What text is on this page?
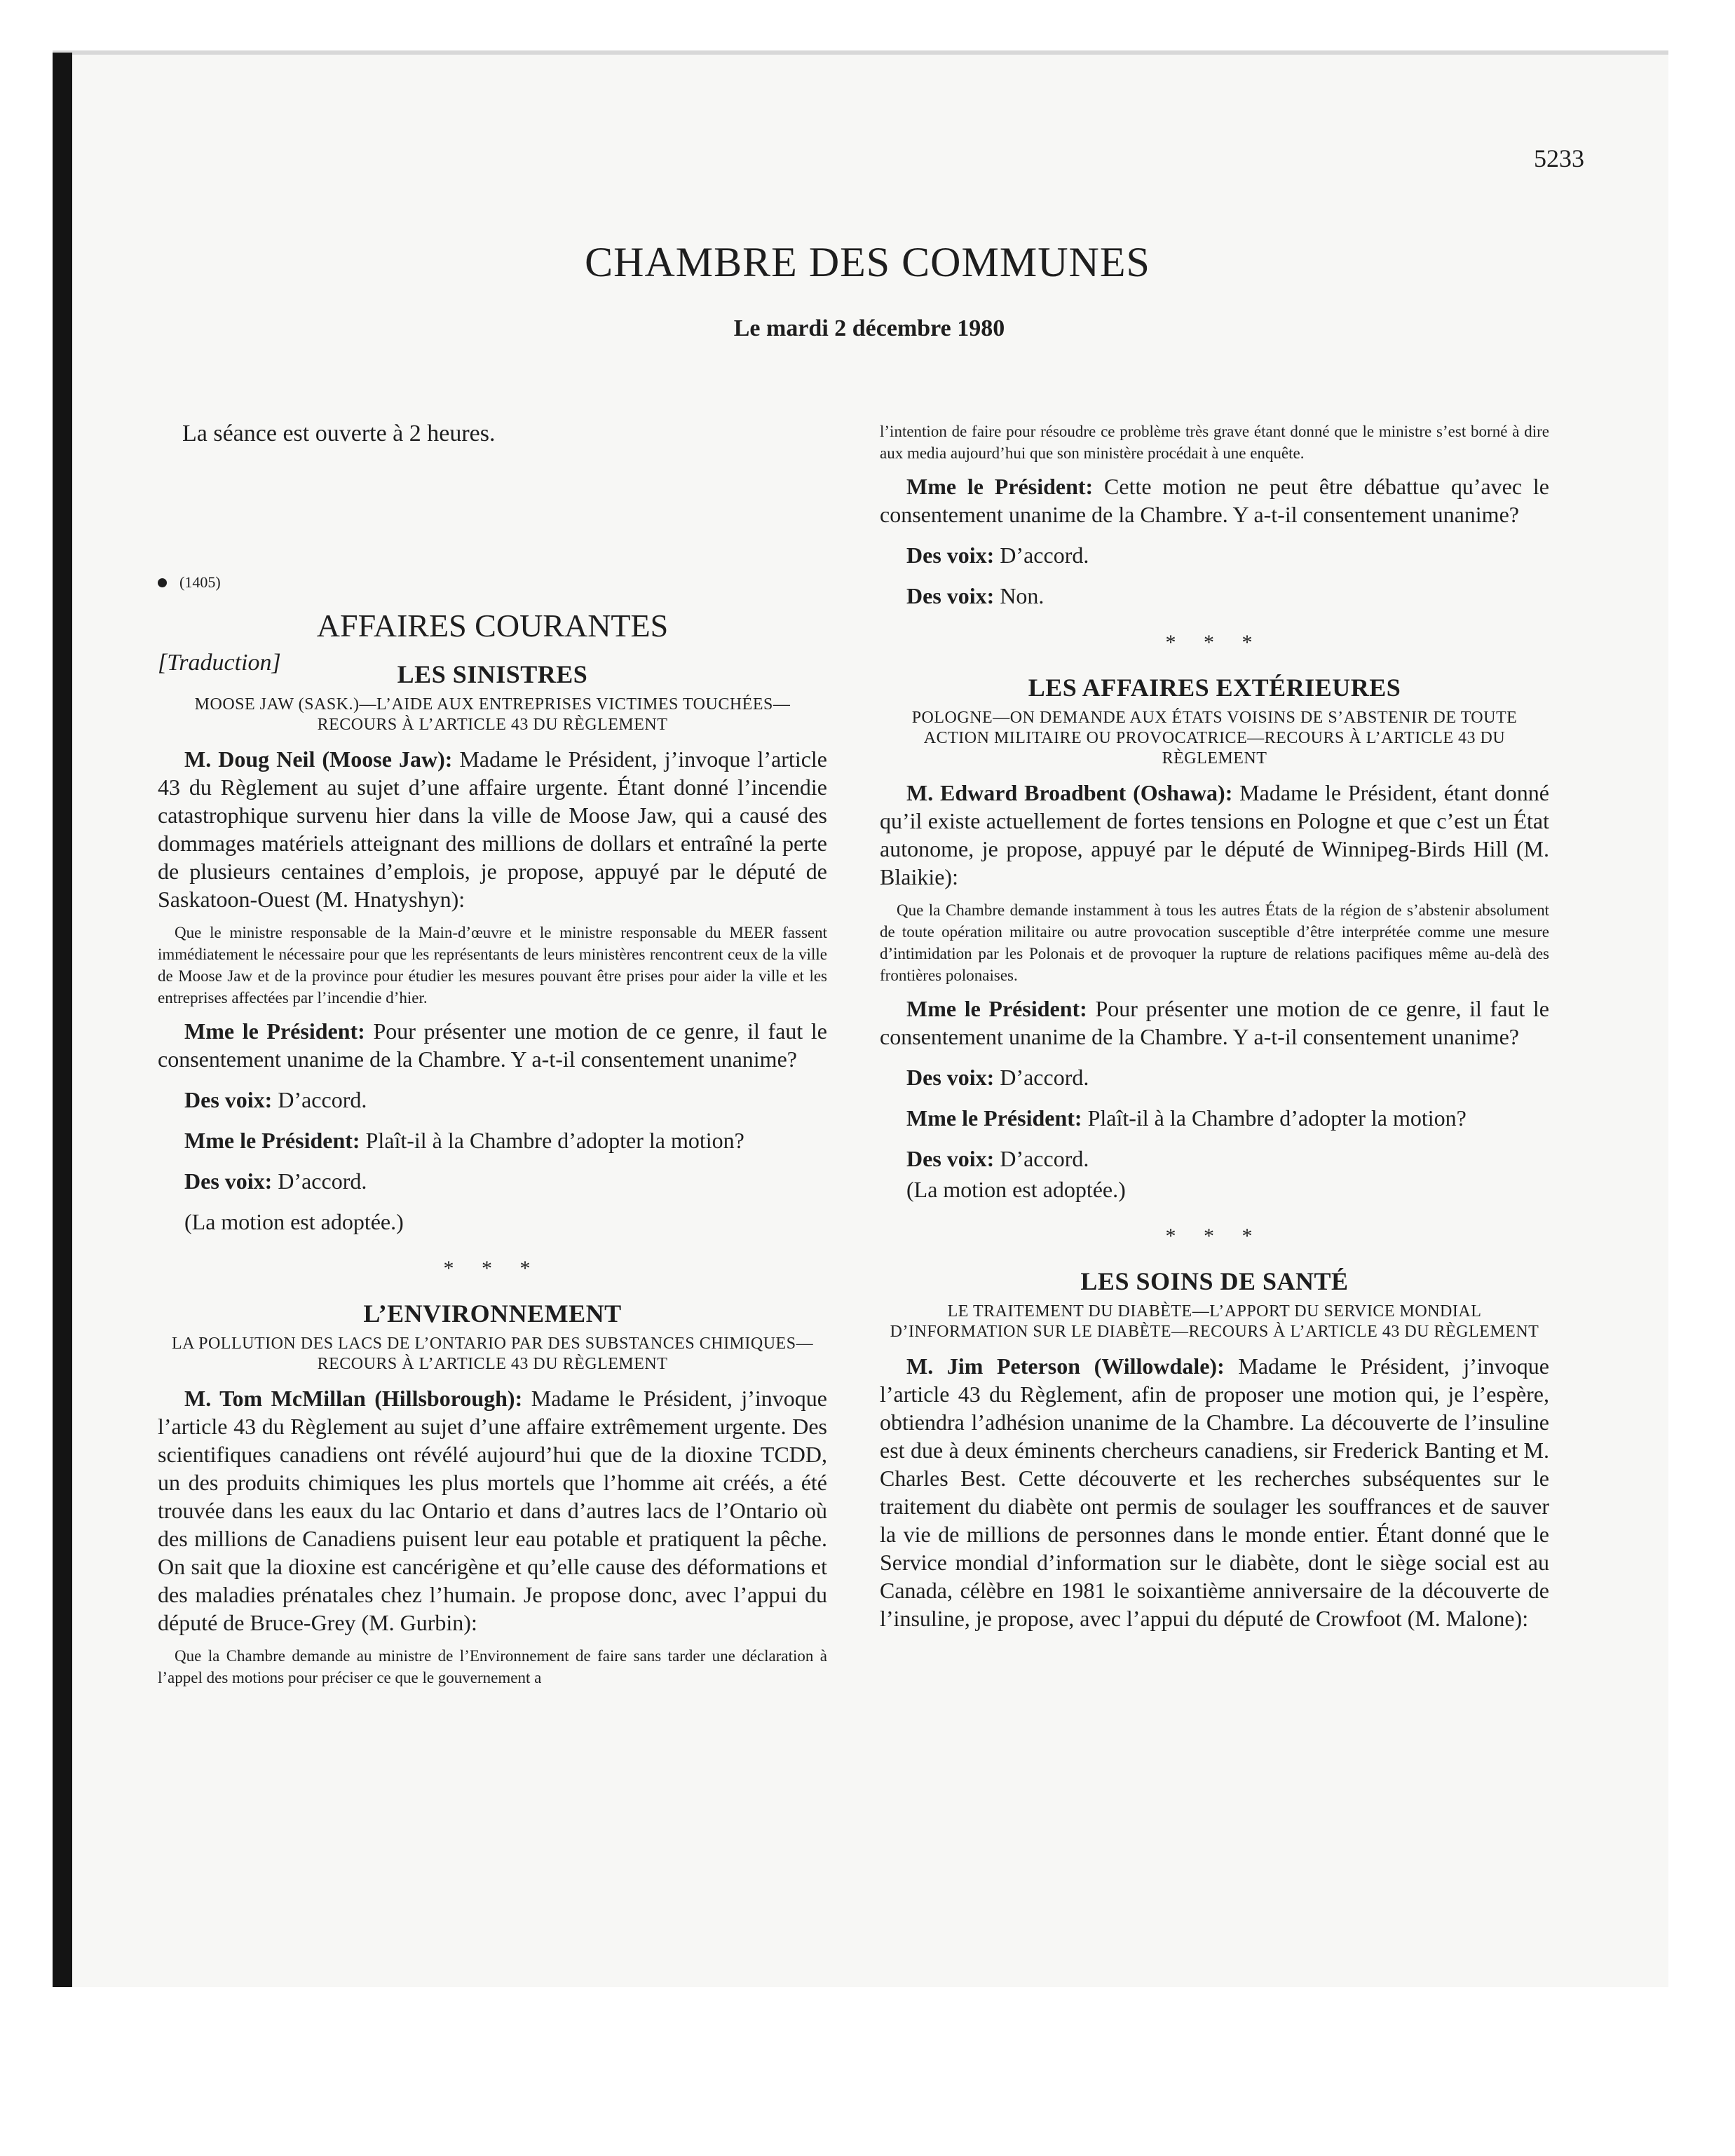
5233
CHAMBRE DES COMMUNES
Le mardi 2 décembre 1980

La séance est ouverte à 2 heures.

(1405)
AFFAIRES COURANTES
[Traduction]	LES SINISTRES
MOOSE JAW (SASK.)—L’AIDE AUX ENTREPRISES VICTIMES TOUCHÉES—RECOURS À L’ARTICLE 43 DU RÈGLEMENT

M. Doug Neil (Moose Jaw): Madame le Président, j’invoque l’article 43 du Règlement au sujet d’une affaire urgente. Étant donné l’incendie catastrophique survenu hier dans la ville de Moose Jaw, qui a causé des dommages matériels atteignant des millions de dollars et entraîné la perte de plusieurs centaines d’emplois, je propose, appuyé par le député de Saskatoon-Ouest (M. Hnatyshyn):

Que le ministre responsable de la Main-d’œuvre et le ministre responsable du MEER fassent immédiatement le nécessaire pour que les représentants de leurs ministères rencontrent ceux de la ville de Moose Jaw et de la province pour étudier les mesures pouvant être prises pour aider la ville et les entreprises affectées par l’incendie d’hier.

Mme le Président: Pour présenter une motion de ce genre, il faut le consentement unanime de la Chambre. Y a-t-il consentement unanime?

Des voix: D’accord.

Mme le Président: Plaît-il à la Chambre d’adopter la motion?

Des voix: D’accord.

(La motion est adoptée.)

* * *
L’ENVIRONNEMENT
LA POLLUTION DES LACS DE L’ONTARIO PAR DES SUBSTANCES CHIMIQUES—RECOURS À L’ARTICLE 43 DU RÈGLEMENT

M. Tom McMillan (Hillsborough): Madame le Président, j’invoque l’article 43 du Règlement au sujet d’une affaire extrêmement urgente. Des scientifiques canadiens ont révélé aujourd’hui que de la dioxine TCDD, un des produits chimiques les plus mortels que l’homme ait créés, a été trouvée dans les eaux du lac Ontario et dans d’autres lacs de l’Ontario où des millions de Canadiens puisent leur eau potable et pratiquent la pêche. On sait que la dioxine est cancérigène et qu’elle cause des déformations et des maladies prénatales chez l’humain. Je propose donc, avec l’appui du député de Bruce-Grey (M. Gurbin):

Que la Chambre demande au ministre de l’Environnement de faire sans tarder une déclaration à l’appel des motions pour préciser ce que le gouvernement a

l’intention de faire pour résoudre ce problème très grave étant donné que le ministre s’est borné à dire aux media aujourd’hui que son ministère procédait à une enquête.

Mme le Président: Cette motion ne peut être débattue qu’avec le consentement unanime de la Chambre. Y a-t-il consentement unanime?

Des voix: D’accord.

Des voix: Non.

* * *
LES AFFAIRES EXTÉRIEURES
POLOGNE—ON DEMANDE AUX ÉTATS VOISINS DE S’ABSTENIR DE TOUTE ACTION MILITAIRE OU PROVOCATRICE—RECOURS À L’ARTICLE 43 DU RÈGLEMENT

M. Edward Broadbent (Oshawa): Madame le Président, étant donné qu’il existe actuellement de fortes tensions en Pologne et que c’est un État autonome, je propose, appuyé par le député de Winnipeg-Birds Hill (M. Blaikie):

Que la Chambre demande instamment à tous les autres États de la région de s’abstenir absolument de toute opération militaire ou autre provocation susceptible d’être interprétée comme une mesure d’intimidation par les Polonais et de provoquer la rupture de relations pacifiques même au-delà des frontières polonaises.

Mme le Président: Pour présenter une motion de ce genre, il faut le consentement unanime de la Chambre. Y a-t-il consentement unanime?

Des voix: D’accord.

Mme le Président: Plaît-il à la Chambre d’adopter la motion?

Des voix: D’accord.

(La motion est adoptée.)

* * *
LES SOINS DE SANTÉ
LE TRAITEMENT DU DIABÈTE—L’APPORT DU SERVICE MONDIAL D’INFORMATION SUR LE DIABÈTE—RECOURS À L’ARTICLE 43 DU RÈGLEMENT

M. Jim Peterson (Willowdale): Madame le Président, j’invoque l’article 43 du Règlement, afin de proposer une motion qui, je l’espère, obtiendra l’adhésion unanime de la Chambre. La découverte de l’insuline est due à deux éminents chercheurs canadiens, sir Frederick Banting et M. Charles Best. Cette découverte et les recherches subséquentes sur le traitement du diabète ont permis de soulager les souffrances et de sauver la vie de millions de personnes dans le monde entier. Étant donné que le Service mondial d’information sur le diabète, dont le siège social est au Canada, célèbre en 1981 le soixantième anniversaire de la découverte de l’insuline, je propose, avec l’appui du député de Crowfoot (M. Malone):
